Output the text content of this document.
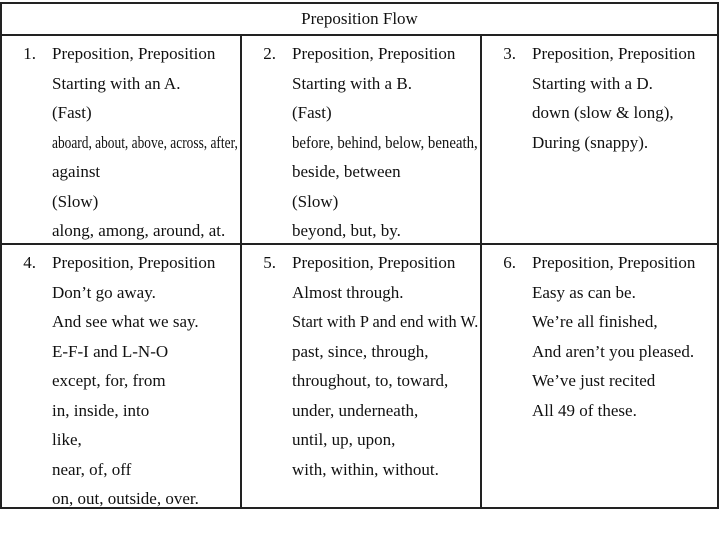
Preposition Flow
1. Preposition, Preposition
Starting with an A.
(Fast)
aboard, about, above, across, after,
against
(Slow)
along, among, around, at.
2. Preposition, Preposition
Starting with a B.
(Fast)
before, behind, below, beneath,
beside, between
(Slow)
beyond, but, by.
3. Preposition, Preposition
Starting with a D.
down (slow & long),
During (snappy).
4. Preposition, Preposition
Don’t go away.
And see what we say.
E-F-I and L-N-O
except, for, from
in, inside, into
like,
near, of, off
on, out, outside, over.
5. Preposition, Preposition
Almost through.
Start with P and end with W.
past, since, through,
throughout, to, toward,
under, underneath,
until, up, upon,
with, within, without.
6. Preposition, Preposition
Easy as can be.
We’re all finished,
And aren’t you pleased.
We’ve just recited
All 49 of these.
